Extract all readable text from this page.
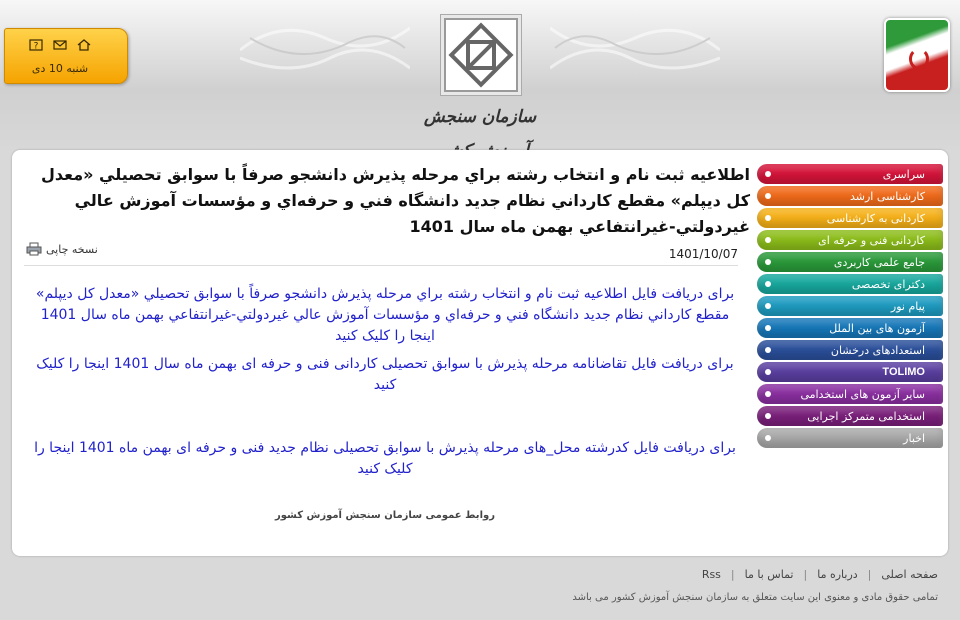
سازمان سنجش
?
شنبه 10 دی
اطلاعيه ثبت نام و انتخاب رشته براي مرحله پذيرش دانشجو صرفاً با سوابق تحصيلي «معدل كل ديپلم» مقطع كارداني نظام جديد دانشگاه فني و حرفه‌اي و مؤسسات آموزش عالي غيردولتي-غيرانتفاعي بهمن ماه سال 1401
نسخه چاپی	1401/10/07

برای دریافت فایل اطلاعیه ثبت نام و انتخاب رشته براي مرحله پذيرش دانشجو صرفاً با سوابق تحصيلي «معدل كل ديپلم» مقطع كارداني نظام جديد دانشگاه فني و حرفه‌اي و مؤسسات آموزش عالي غيردولتي-غيرانتفاعي بهمن ماه سال 1401 اینجا را کلیک کنید

برای دریافت فایل تقاضانامه مرحله پذیرش با سوابق تحصیلی کاردانی فنی و حرفه ای بهمن ماه سال 1401 اینجا را کلیک کنید

برای دریافت فایل کدرشته محل_های مرحله پذیرش با سوابق تحصیلی نظام جدید فنی و حرفه ای بهمن ماه 1401 اینجا را کلیک کنید

روابط عمومی سازمان سنجش آموزش کشور
سراسری
کارشناسی ارشد
کاردانی به کارشناسی
کاردانی فنی و حرفه ای
جامع علمی کاربردی
دکترای تخصصی
پیام نور
آزمون های بین الملل
استعدادهای درخشان
TOLIMO
سایر آزمون های استخدامی
استخدامی متمرکز اجرایی
اخبار
صفحه اصلی
|
درباره ما
|
تماس با ما
|
Rss
تمامی حقوق مادی و معنوی این سایت متعلق به سازمان سنجش آموزش کشور می باشد
